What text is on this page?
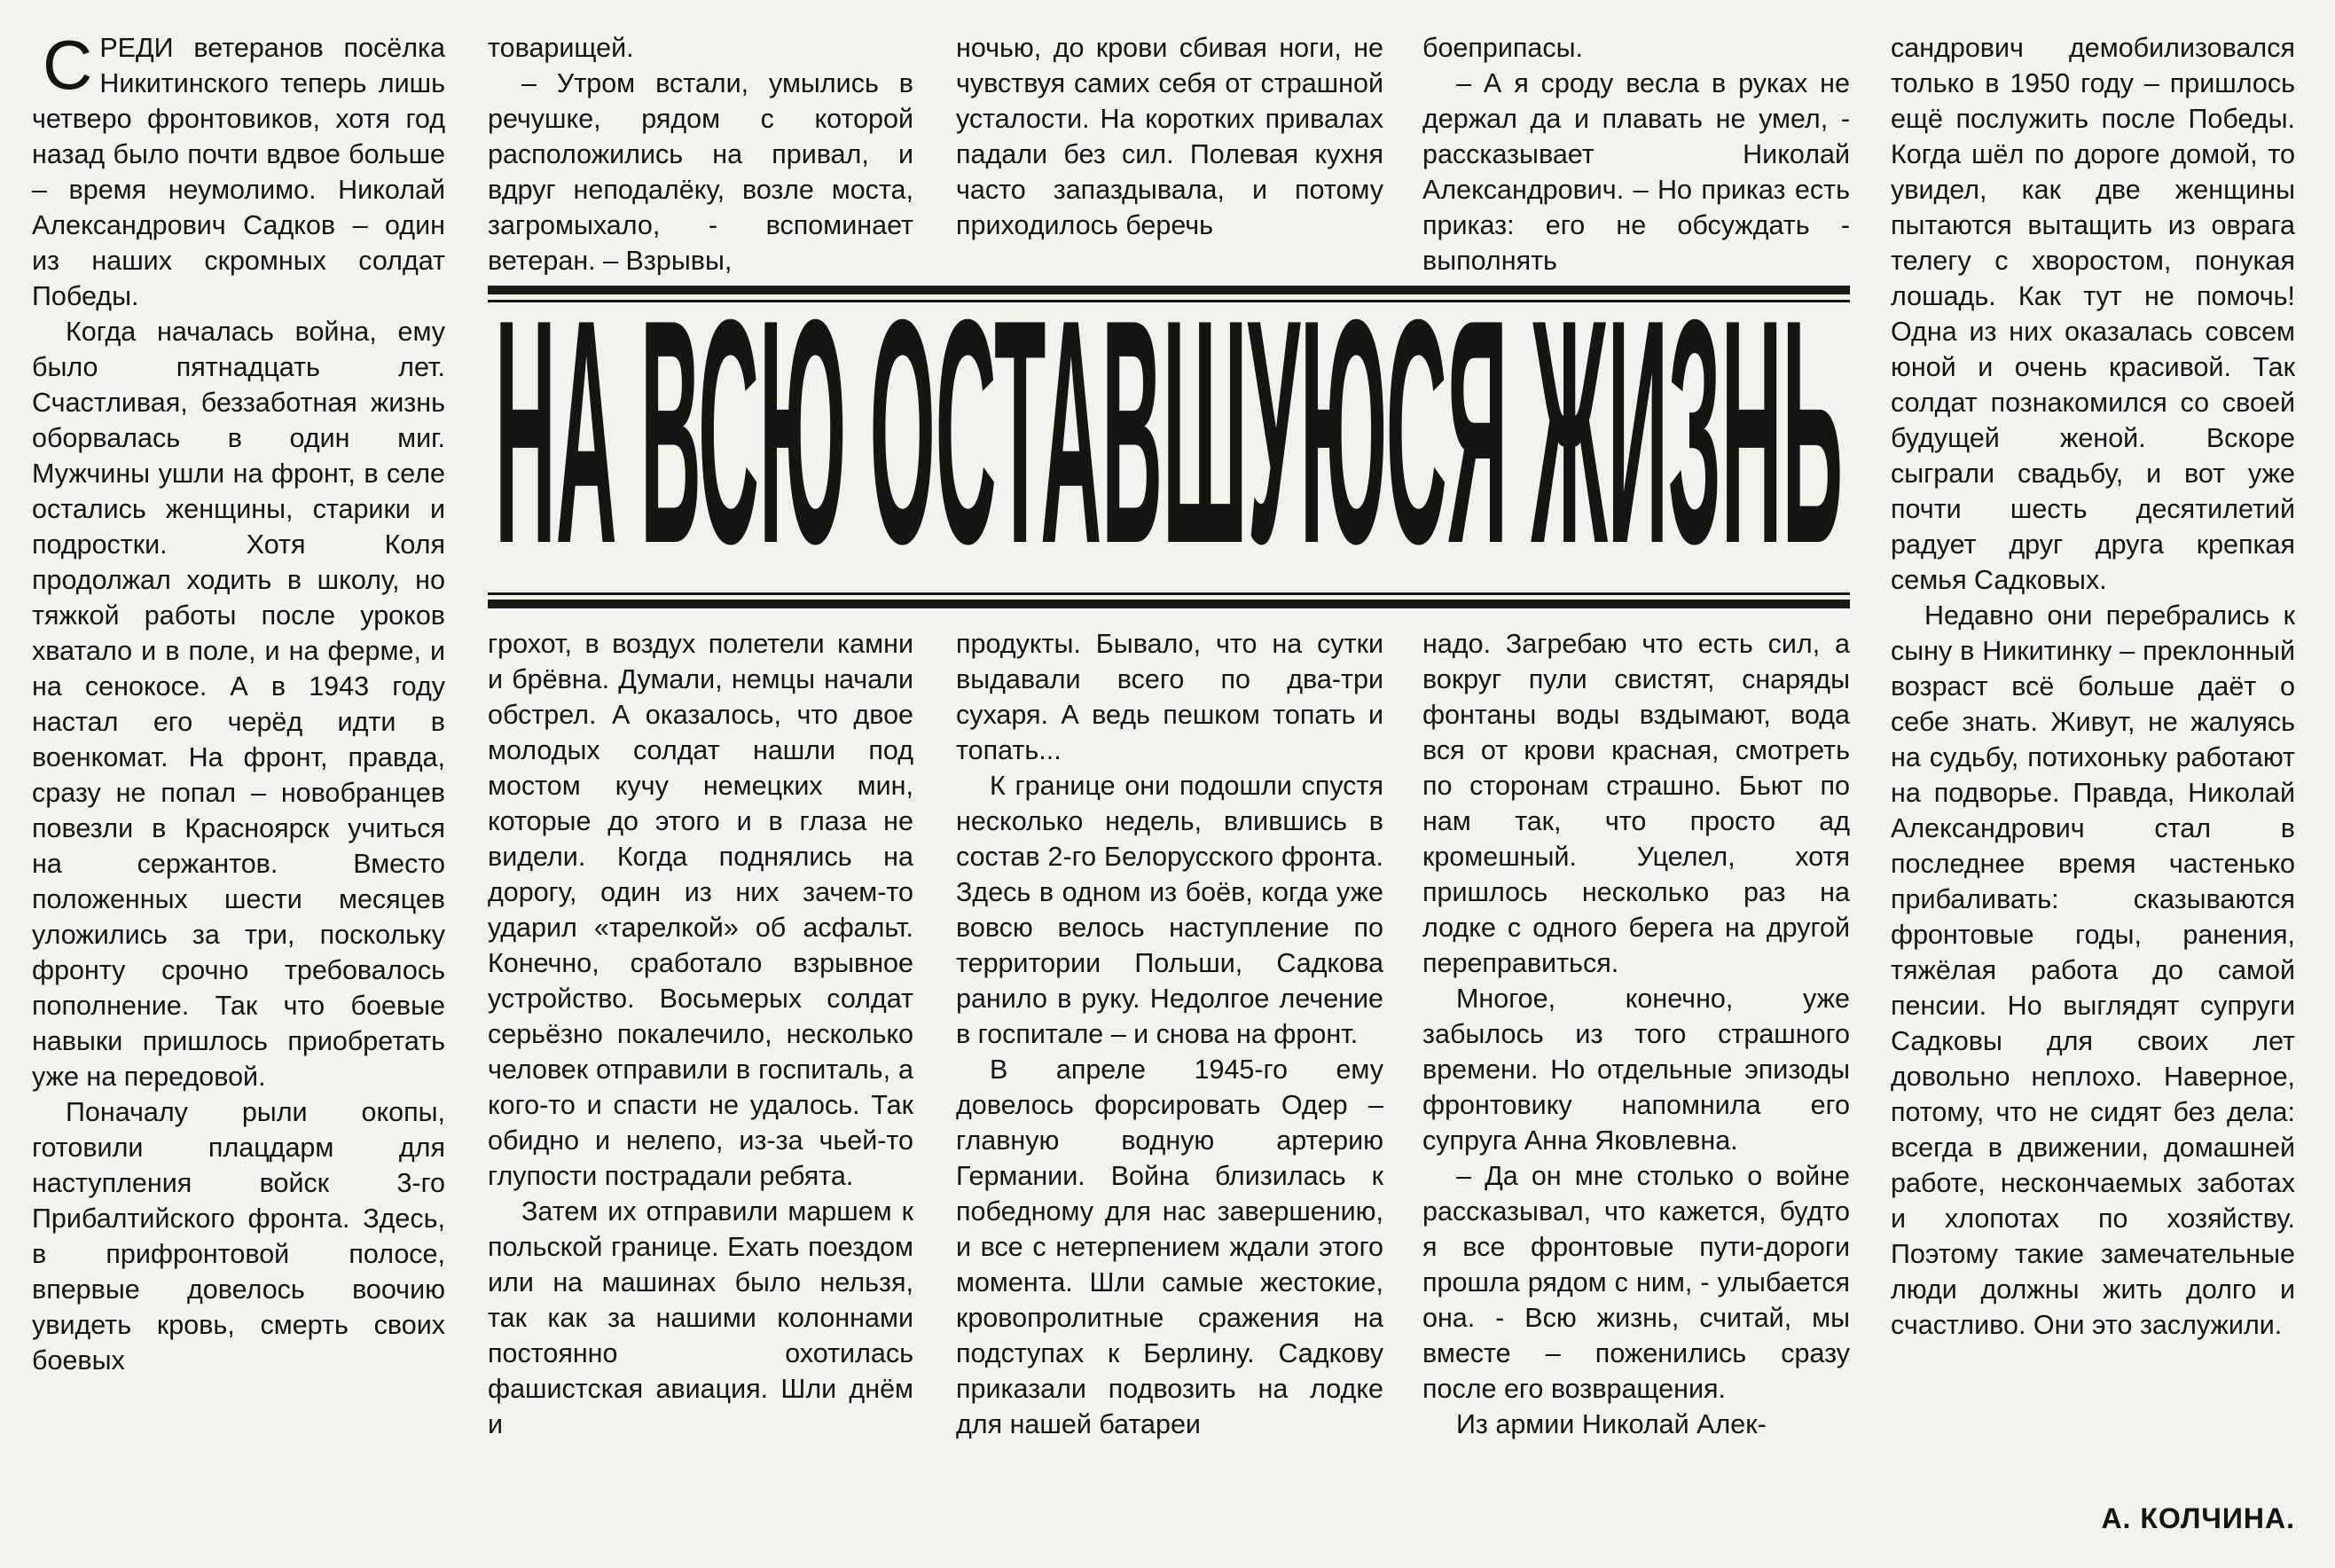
СРЕДИ ветеранов посёлка Никитинского теперь лишь четверо фронтовиков, хотя год назад было почти вдвое больше – время неумолимо. Николай Александрович Садков – один из наших скромных солдат Победы.

Когда началась война, ему было пятнадцать лет. Счастливая, беззаботная жизнь оборвалась в один миг. Мужчины ушли на фронт, в селе остались женщины, старики и подростки. Хотя Коля продолжал ходить в школу, но тяжкой работы после уроков хватало и в поле, и на ферме, и на сенокосе. А в 1943 году настал его черёд идти в военкомат. На фронт, правда, сразу не попал – новобранцев повезли в Красноярск учиться на сержантов. Вместо положенных шести месяцев уложились за три, поскольку фронту срочно требовалось пополнение. Так что боевые навыки пришлось приобретать уже на передовой.

Поначалу рыли окопы, готовили плацдарм для наступления войск 3-го Прибалтийского фронта. Здесь, в прифронтовой полосе, впервые довелось воочию увидеть кровь, смерть своих боевых

товарищей.

– Утром встали, умылись в речушке, рядом с которой расположились на привал, и вдруг неподалёку, возле моста, загромыхало, - вспоминает ветеран. – Взрывы,

ночью, до крови сбивая ноги, не чувствуя самих себя от страшной усталости. На коротких привалах падали без сил. Полевая кухня часто запаздывала, и потому приходилось беречь

боеприпасы.

– А я сроду весла в руках не держал да и плавать не умел, - рассказывает Николай Александрович. – Но приказ есть приказ: его не обсуждать - выполнять

НА ВСЮ ОСТАВШУЮСЯ ЖИЗНЬ

грохот, в воздух полетели камни и брёвна. Думали, немцы начали обстрел. А оказалось, что двое молодых солдат нашли под мостом кучу немецких мин, которые до этого и в глаза не видели. Когда поднялись на дорогу, один из них зачем-то ударил «тарелкой» об асфальт. Конечно, сработало взрывное устройство. Восьмерых солдат серьёзно покалечило, несколько человек отправили в госпиталь, а кого-то и спасти не удалось. Так обидно и нелепо, из-за чьей-то глупости пострадали ребята.

Затем их отправили маршем к польской границе. Ехать поездом или на машинах было нельзя, так как за нашими колоннами постоянно охотилась фашистская авиация. Шли днём и

продукты. Бывало, что на сутки выдавали всего по два-три сухаря. А ведь пешком топать и топать...

К границе они подошли спустя несколько недель, влившись в состав 2-го Белорусского фронта. Здесь в одном из боёв, когда уже вовсю велось наступление по территории Польши, Садкова ранило в руку. Недолгое лечение в госпитале – и снова на фронт.

В апреле 1945-го ему довелось форсировать Одер – главную водную артерию Германии. Война близилась к победному для нас завершению, и все с нетерпением ждали этого момента. Шли самые жестокие, кровопролитные сражения на подступах к Берлину. Садкову приказали подвозить на лодке для нашей батареи

надо. Загребаю что есть сил, а вокруг пули свистят, снаряды фонтаны воды вздымают, вода вся от крови красная, смотреть по сторонам страшно. Бьют по нам так, что просто ад кромешный. Уцелел, хотя пришлось несколько раз на лодке с одного берега на другой переправиться.

Многое, конечно, уже забылось из того страшного времени. Но отдельные эпизоды фронтовику напомнила его супруга Анна Яковлевна.

– Да он мне столько о войне рассказывал, что кажется, будто я все фронтовые пути-дороги прошла рядом с ним, - улыбается она. - Всю жизнь, считай, мы вместе – поженились сразу после его возвращения.

Из армии Николай Алек-

сандрович демобилизовался только в 1950 году – пришлось ещё послужить после Победы. Когда шёл по дороге домой, то увидел, как две женщины пытаются вытащить из оврага телегу с хворостом, понукая лошадь. Как тут не помочь! Одна из них оказалась совсем юной и очень красивой. Так солдат познакомился со своей будущей женой. Вскоре сыграли свадьбу, и вот уже почти шесть десятилетий радует друг друга крепкая семья Садковых.

Недавно они перебрались к сыну в Никитинку – преклонный возраст всё больше даёт о себе знать. Живут, не жалуясь на судьбу, потихоньку работают на подворье. Правда, Николай Александрович стал в последнее время частенько прибаливать: сказываются фронтовые годы, ранения, тяжёлая работа до самой пенсии. Но выглядят супруги Садковы для своих лет довольно неплохо. Наверное, потому, что не сидят без дела: всегда в движении, домашней работе, нескончаемых заботах и хлопотах по хозяйству. Поэтому такие замечательные люди должны жить долго и счастливо. Они это заслужили.

А. КОЛЧИНА.
